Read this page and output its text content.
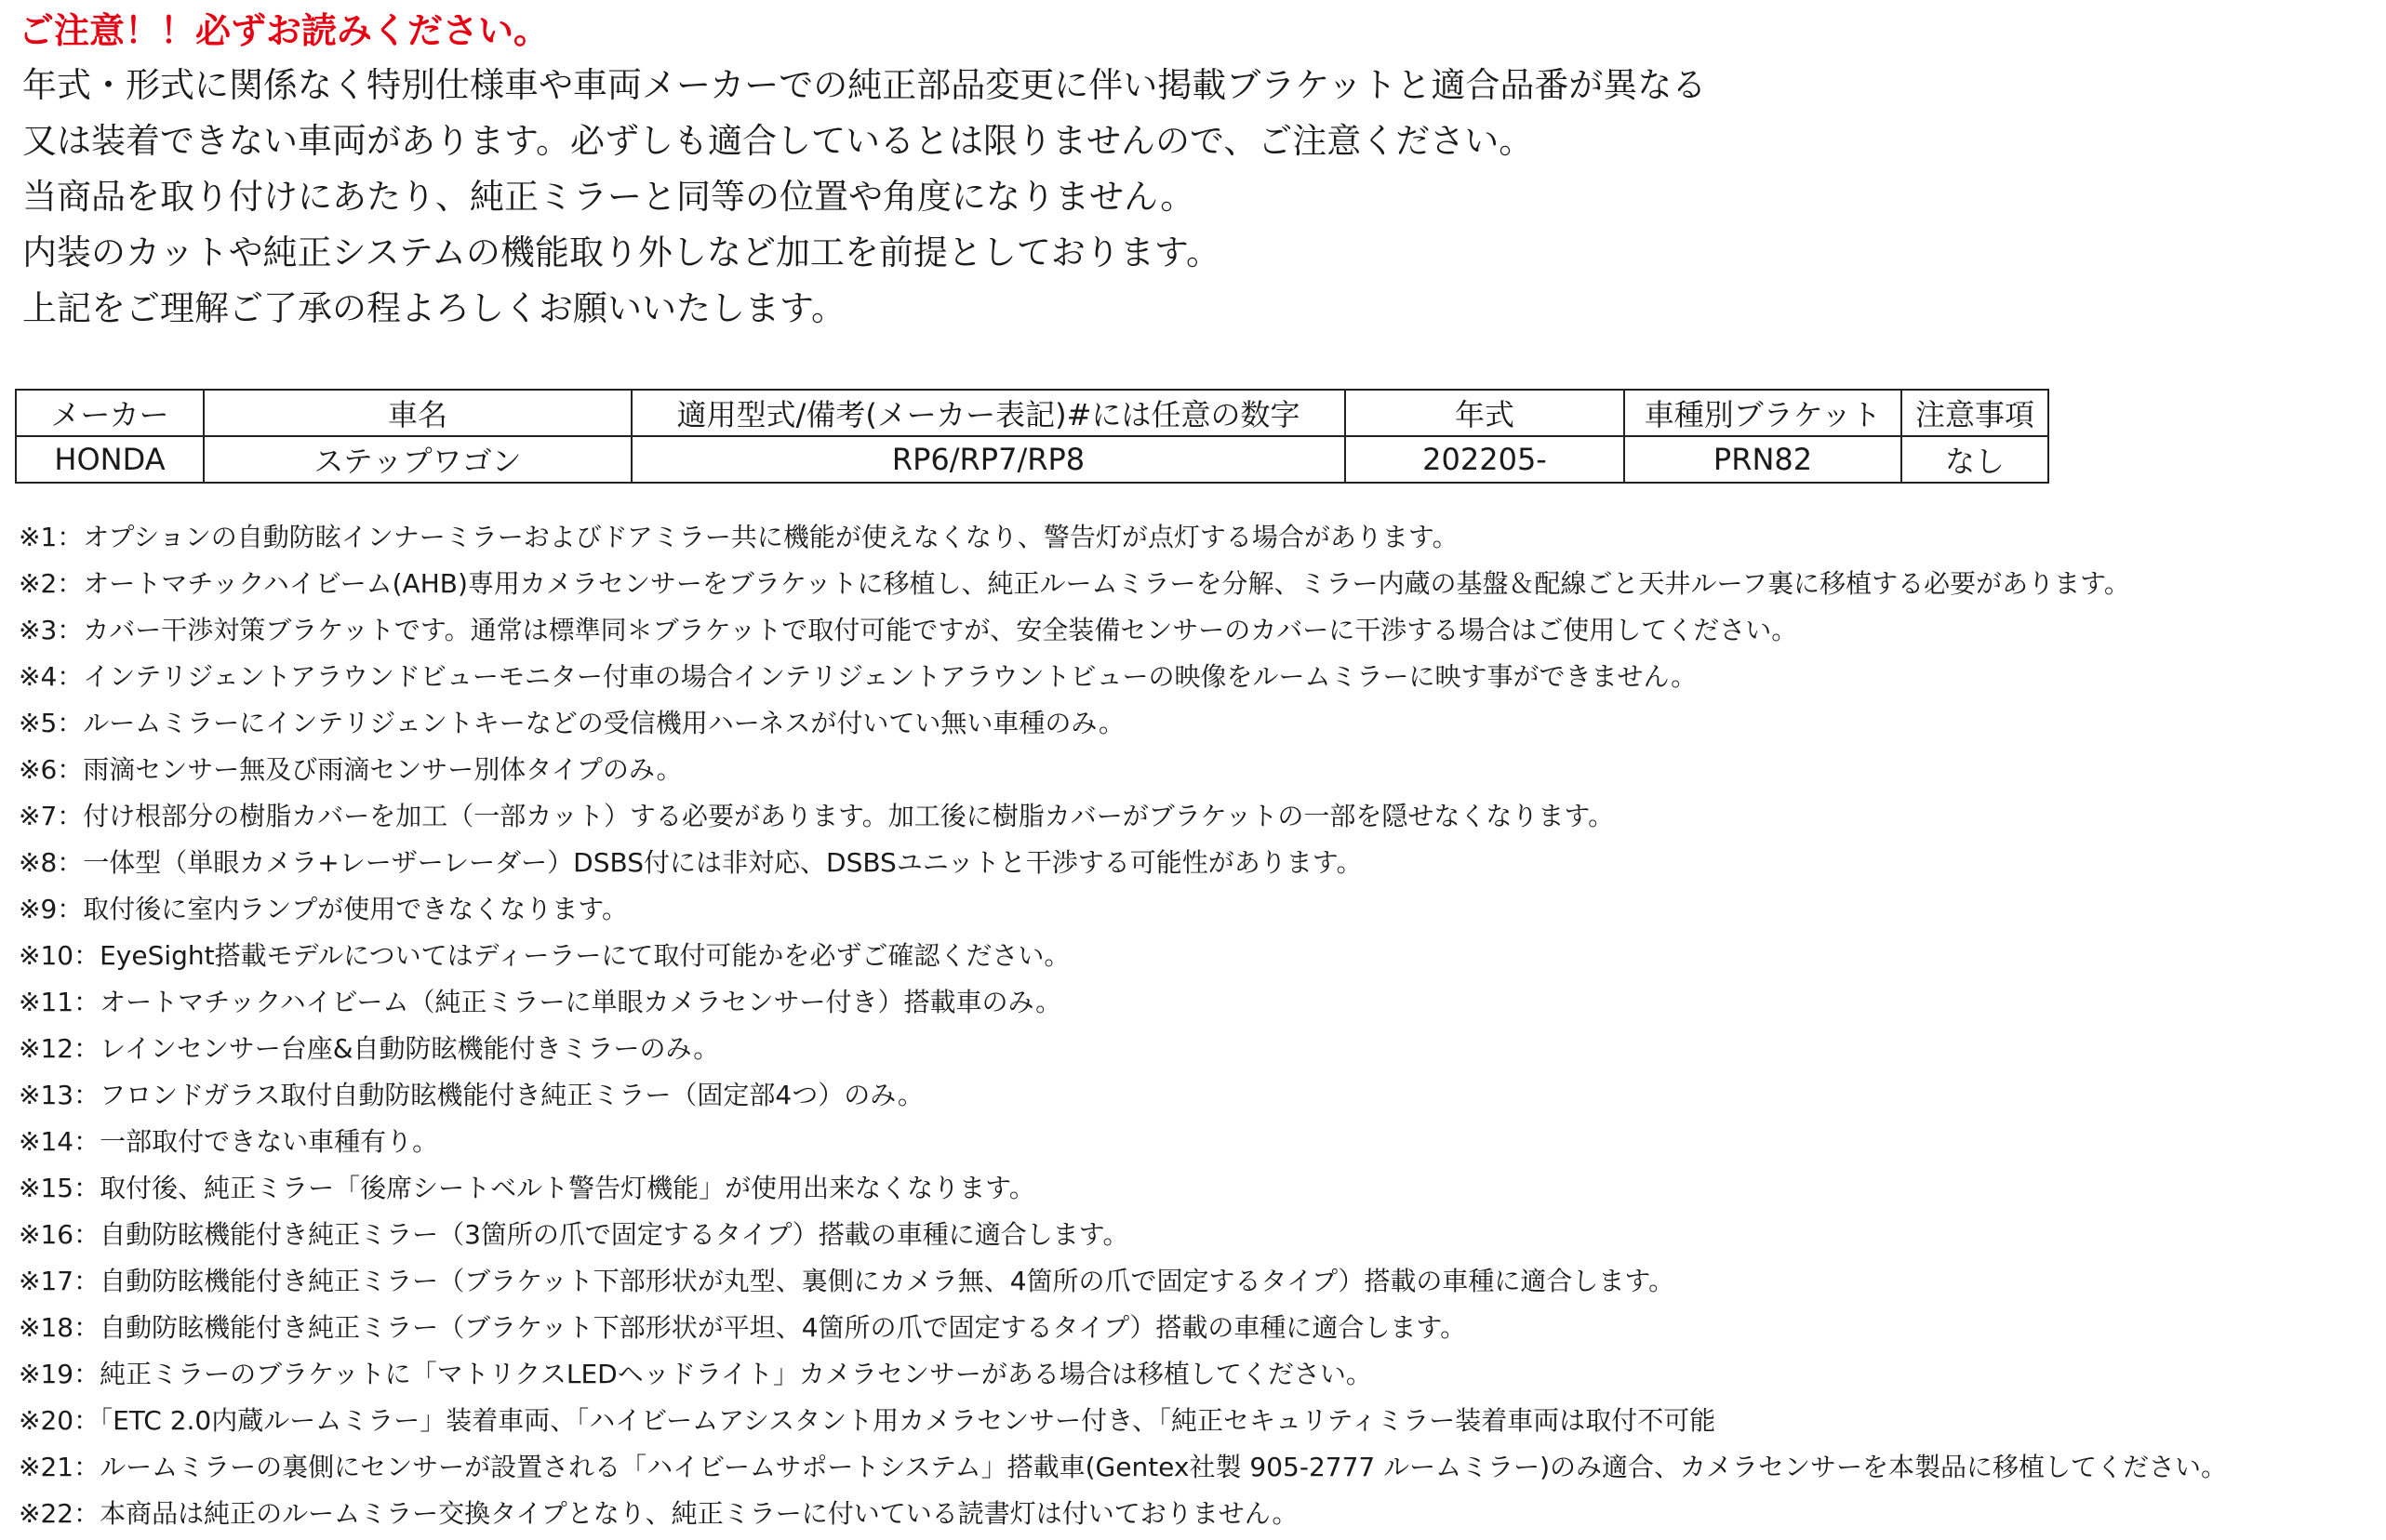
ご注意！！必ずお読みください。
年式・形式に関係なく特別仕様車や車両メーカーでの純正部品変更に伴い掲載ブラケットと適合品番が異なる
又は装着できない車両があります。必ずしも適合しているとは限りませんので、ご注意ください。
当商品を取り付けにあたり、純正ミラーと同等の位置や角度になりません。
内装のカットや純正システムの機能取り外しなど加工を前提としております。
上記をご理解ご了承の程よろしくお願いいたします。
メーカー	車名	適用型式/備考(メーカー表記)#には任意の数字	年式	車種別ブラケット	注意事項
HONDA	ステップワゴン	RP6/RP7/RP8	202205-	PRN82	なし
※1：オプションの自動防眩インナーミラーおよびドアミラー共に機能が使えなくなり、警告灯が点灯する場合があります。
※2：オートマチックハイビーム(AHB)専用カメラセンサーをブラケットに移植し、純正ルームミラーを分解、ミラー内蔵の基盤＆配線ごと天井ルーフ裏に移植する必要があります。
※3：カバー干渉対策ブラケットです。通常は標準同＊ブラケットで取付可能ですが、安全装備センサーのカバーに干渉する場合はご使用してください。
※4：インテリジェントアラウンドビューモニター付車の場合インテリジェントアラウントビューの映像をルームミラーに映す事ができません。
※5：ルームミラーにインテリジェントキーなどの受信機用ハーネスが付いてい無い車種のみ。
※6：雨滴センサー無及び雨滴センサー別体タイプのみ。
※7：付け根部分の樹脂カバーを加工（一部カット）する必要があります。加工後に樹脂カバーがブラケットの一部を隠せなくなります。
※8：一体型（単眼カメラ+レーザーレーダー）DSBS付には非対応、DSBSユニットと干渉する可能性があります。
※9：取付後に室内ランプが使用できなくなります。
※10：EyeSight搭載モデルについてはディーラーにて取付可能かを必ずご確認ください。
※11：オートマチックハイビーム（純正ミラーに単眼カメラセンサー付き）搭載車のみ。
※12：レインセンサー台座&自動防眩機能付きミラーのみ。
※13：フロンドガラス取付自動防眩機能付き純正ミラー（固定部4つ）のみ。
※14：一部取付できない車種有り。
※15：取付後、純正ミラー「後席シートベルト警告灯機能」が使用出来なくなります。
※16：自動防眩機能付き純正ミラー（3箇所の爪で固定するタイプ）搭載の車種に適合します。
※17：自動防眩機能付き純正ミラー（ブラケット下部形状が丸型、裏側にカメラ無、4箇所の爪で固定するタイプ）搭載の車種に適合します。
※18：自動防眩機能付き純正ミラー（ブラケット下部形状が平坦、4箇所の爪で固定するタイプ）搭載の車種に適合します。
※19：純正ミラーのブラケットに「マトリクスLEDヘッドライト」カメラセンサーがある場合は移植してください。
※20：「ETC 2.0内蔵ルームミラー」装着車両、「ハイビームアシスタント用カメラセンサー付き、「純正セキュリティミラー装着車両は取付不可能
※21：ルームミラーの裏側にセンサーが設置される「ハイビームサポートシステム」搭載車(Gentex社製 905-2777 ルームミラー)のみ適合、カメラセンサーを本製品に移植してください。
※22：本商品は純正のルームミラー交換タイプとなり、純正ミラーに付いている読書灯は付いておりません。
